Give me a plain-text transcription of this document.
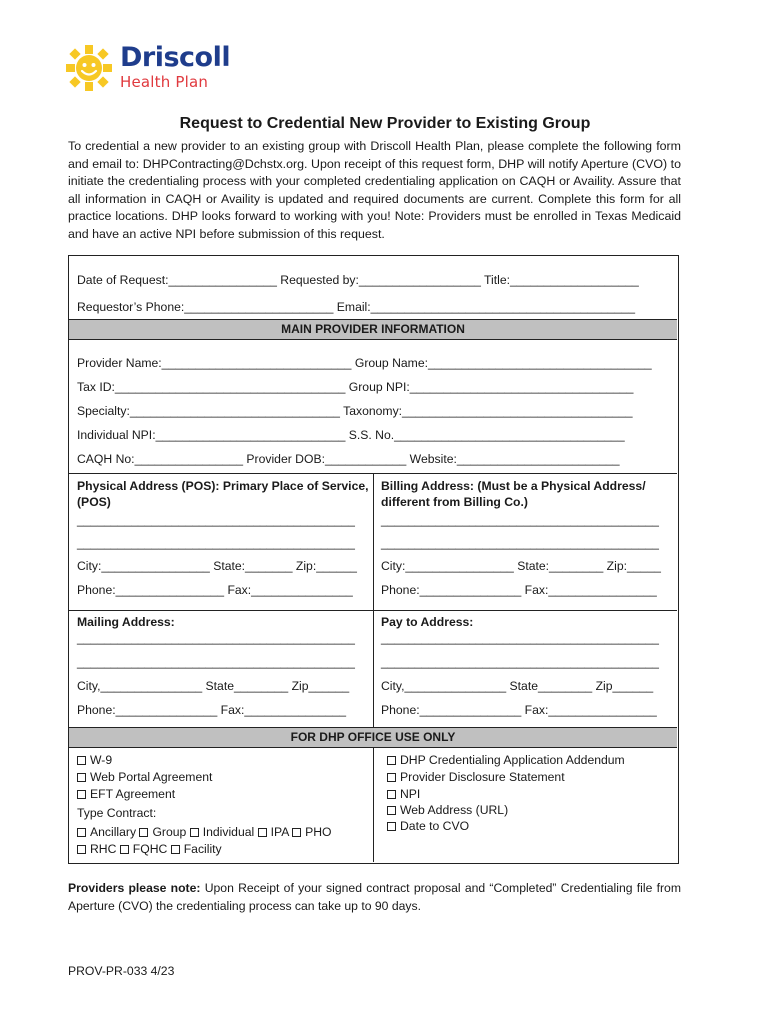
Driscoll
Health Plan
Request to Credential New Provider to Existing Group
To credential a new provider to an existing group with Driscoll Health Plan, please complete the following form and email to: DHPContracting@Dchstx.org. Upon receipt of this request form, DHP will notify Aperture (CVO) to initiate the credentialing process with your completed credentialing application on CAQH or Availity. Assure that all information in CAQH or Availity is updated and required documents are current. Complete this form for all practice locations. DHP looks forward to working with you! Note: Providers must be enrolled in Texas Medicaid and have an active NPI before submission of this request.
Date of Request:________________ Requested by:__________________ Title:___________________
Requestor’s Phone:______________________ Email:_______________________________________
MAIN PROVIDER INFORMATION
Provider Name:____________________________ Group Name:_________________________________
Tax ID:__________________________________ Group NPI:_________________________________
Specialty:_______________________________ Taxonomy:__________________________________
Individual NPI:____________________________ S.S. No.__________________________________
CAQH No:________________ Provider DOB:____________ Website:________________________
Physical Address (POS): Primary Place of Service,
(POS)
_________________________________________
_________________________________________
City:________________ State:_______ Zip:______
Phone:________________ Fax:_______________
Billing Address: (Must be a Physical Address/
different from Billing Co.)
_________________________________________
_________________________________________
City:________________ State:________ Zip:_____
Phone:_______________ Fax:________________
Mailing Address:
_________________________________________
_________________________________________
City,_______________ State________ Zip______
Phone:_______________ Fax:_______________
Pay to Address:
_________________________________________
_________________________________________
City,_______________ State________ Zip______
Phone:_______________ Fax:________________
FOR DHP OFFICE USE ONLY
W-9
Web Portal Agreement
EFT Agreement
Type Contract:
Ancillary Group Individual IPA PHO
RHC FQHC Facility
DHP Credentialing Application Addendum
Provider Disclosure Statement
NPI
Web Address (URL)
Date to CVO
Providers please note: Upon Receipt of your signed contract proposal and “Completed” Credentialing file from Aperture (CVO) the credentialing process can take up to 90 days.
PROV-PR-033 4/23
